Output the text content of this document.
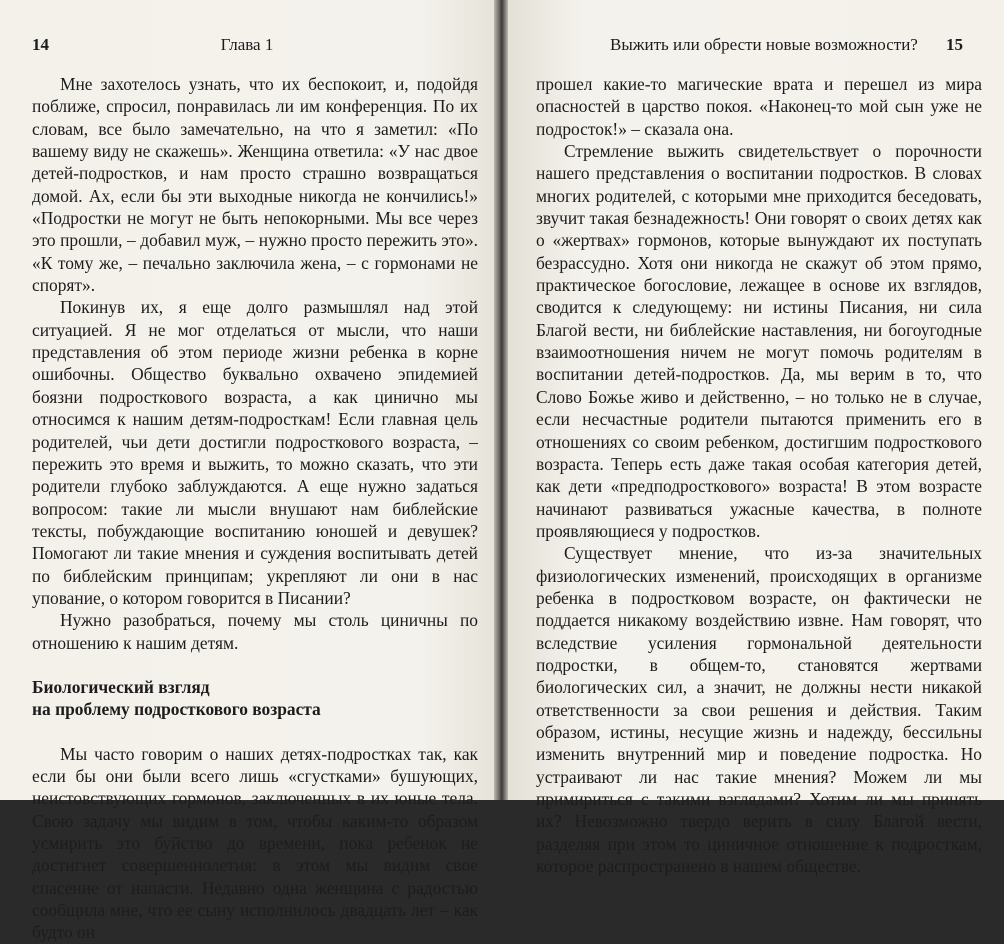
14	Глава 1

Мне захотелось узнать, что их беспокоит, и, подойдя поближе, спросил, понравилась ли им конференция. По их словам, все было замечательно, на что я заметил: «По вашему виду не скажешь». Женщина ответила: «У нас двое детей-подростков, и нам просто страшно возвращаться домой. Ах, если бы эти выходные никогда не кончились!» «Подростки не могут не быть непокорными. Мы все через это прошли, – добавил муж, – нужно просто пережить это». «К тому же, – печально заключила жена, – с гормонами не спорят».

Покинув их, я еще долго размышлял над этой ситуацией. Я не мог отделаться от мысли, что наши представления об этом периоде жизни ребенка в корне ошибочны. Общество буквально охвачено эпидемией боязни подросткового возраста, а как цинично мы относимся к нашим детям-подросткам! Если главная цель родителей, чьи дети достигли подросткового возраста, – пережить это время и выжить, то можно сказать, что эти родители глубоко заблуждаются. А еще нужно задаться вопросом: такие ли мысли внушают нам библейские тексты, побуждающие воспитанию юношей и девушек? Помогают ли такие мнения и суждения воспитывать детей по библейским принципам; укрепляют ли они в нас упование, о котором говорится в Писании?

Нужно разобраться, почему мы столь циничны по отношению к нашим детям.

Биологический взгляд
на проблему подросткового возраста

Мы часто говорим о наших детях-подростках так, как если бы они были всего лишь «сгустками» бушующих, неистовствующих гормонов, заключенных в их юные тела. Свою задачу мы видим в том, чтобы каким-то образом усмирить это буйство до времени, пока ребенок не достигнет совершеннолетия: в этом мы видим свое спасение от напасти. Недавно одна женщина с радостью сообщила мне, что ее сыну исполнилось двадцать лет – как будто он

Выжить или обрести новые возможности? 15

прошел какие-то магические врата и перешел из мира опасностей в царство покоя. «Наконец-то мой сын уже не подросток!» – сказала она.

Стремление выжить свидетельствует о порочности нашего представления о воспитании подростков. В словах многих родителей, с которыми мне приходится беседовать, звучит такая безнадежность! Они говорят о своих детях как о «жертвах» гормонов, которые вынуждают их поступать безрассудно. Хотя они никогда не скажут об этом прямо, практическое богословие, лежащее в основе их взглядов, сводится к следующему: ни истины Писания, ни сила Благой вести, ни библейские наставления, ни богоугодные взаимоотношения ничем не могут помочь родителям в воспитании детей-подростков. Да, мы верим в то, что Слово Божье живо и действенно, – но только не в случае, если несчастные родители пытаются применить его в отношениях со своим ребенком, достигшим подросткового возраста. Теперь есть даже такая особая категория детей, как дети «предподросткового» возраста! В этом возрасте начинают развиваться ужасные качества, в полноте проявляющиеся у подростков.

Существует мнение, что из-за значительных физиологических изменений, происходящих в организме ребенка в подростковом возрасте, он фактически не поддается никакому воздействию извне. Нам говорят, что вследствие усиления гормональной деятельности подростки, в общем-то, становятся жертвами биологических сил, а значит, не должны нести никакой ответственности за свои решения и действия. Таким образом, истины, несущие жизнь и надежду, бессильны изменить внутренний мир и поведение подростка. Но устраивают ли нас такие мнения? Можем ли мы примириться с такими взглядами? Хотим ли мы принять их? Невозможно твердо верить в силу Благой вести, разделяя при этом то циничное отношение к подросткам, которое распространено в нашем обществе.
